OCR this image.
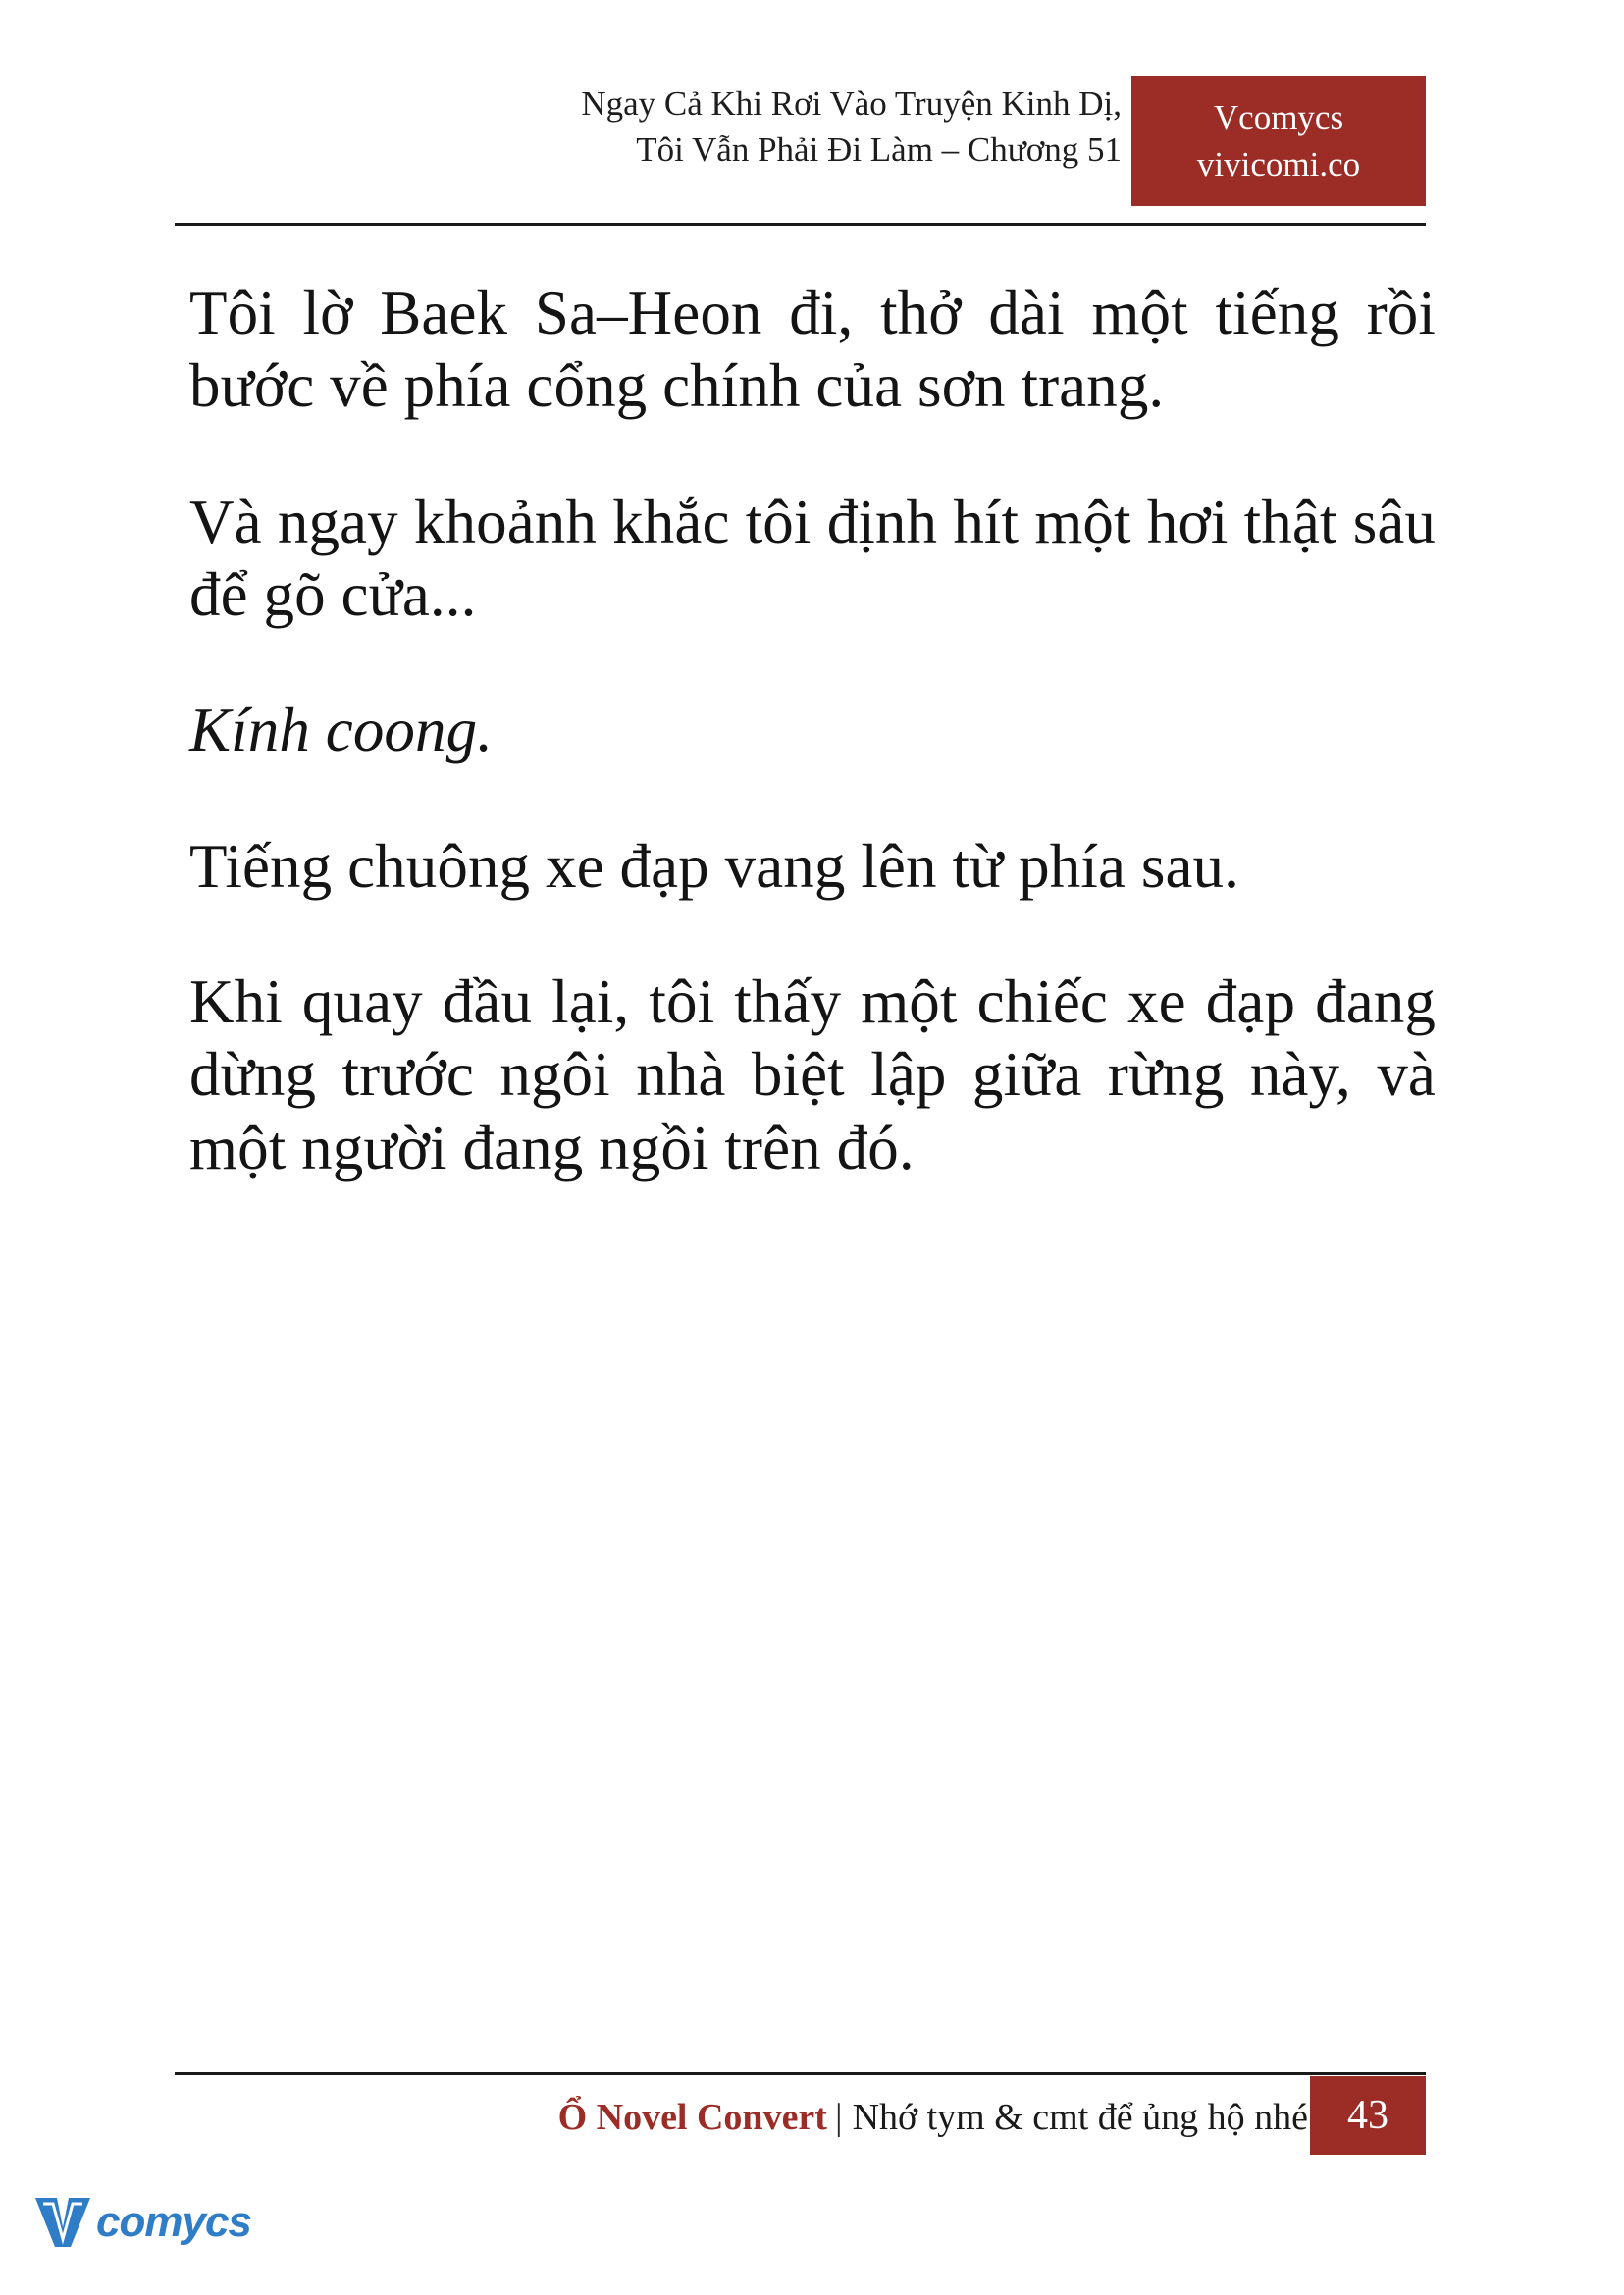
Ngay Cả Khi Rơi Vào Truyện Kinh Dị,
Tôi Vẫn Phải Đi Làm – Chương 51
Vcomycs
vivicomi.co

Tôi lờ Baek Sa–Heon đi, thở dài một tiếng rồi bước về phía cổng chính của sơn trang.

Và ngay khoảnh khắc tôi định hít một hơi thật sâu để gõ cửa...

Kính coong.

Tiếng chuông xe đạp vang lên từ phía sau.

Khi quay đầu lại, tôi thấy một chiếc xe đạp đang dừng trước ngôi nhà biệt lập giữa rừng này, và một người đang ngồi trên đó.

Ổ Novel Convert | Nhớ tym & cmt để ủng hộ nhé 43
comycs
